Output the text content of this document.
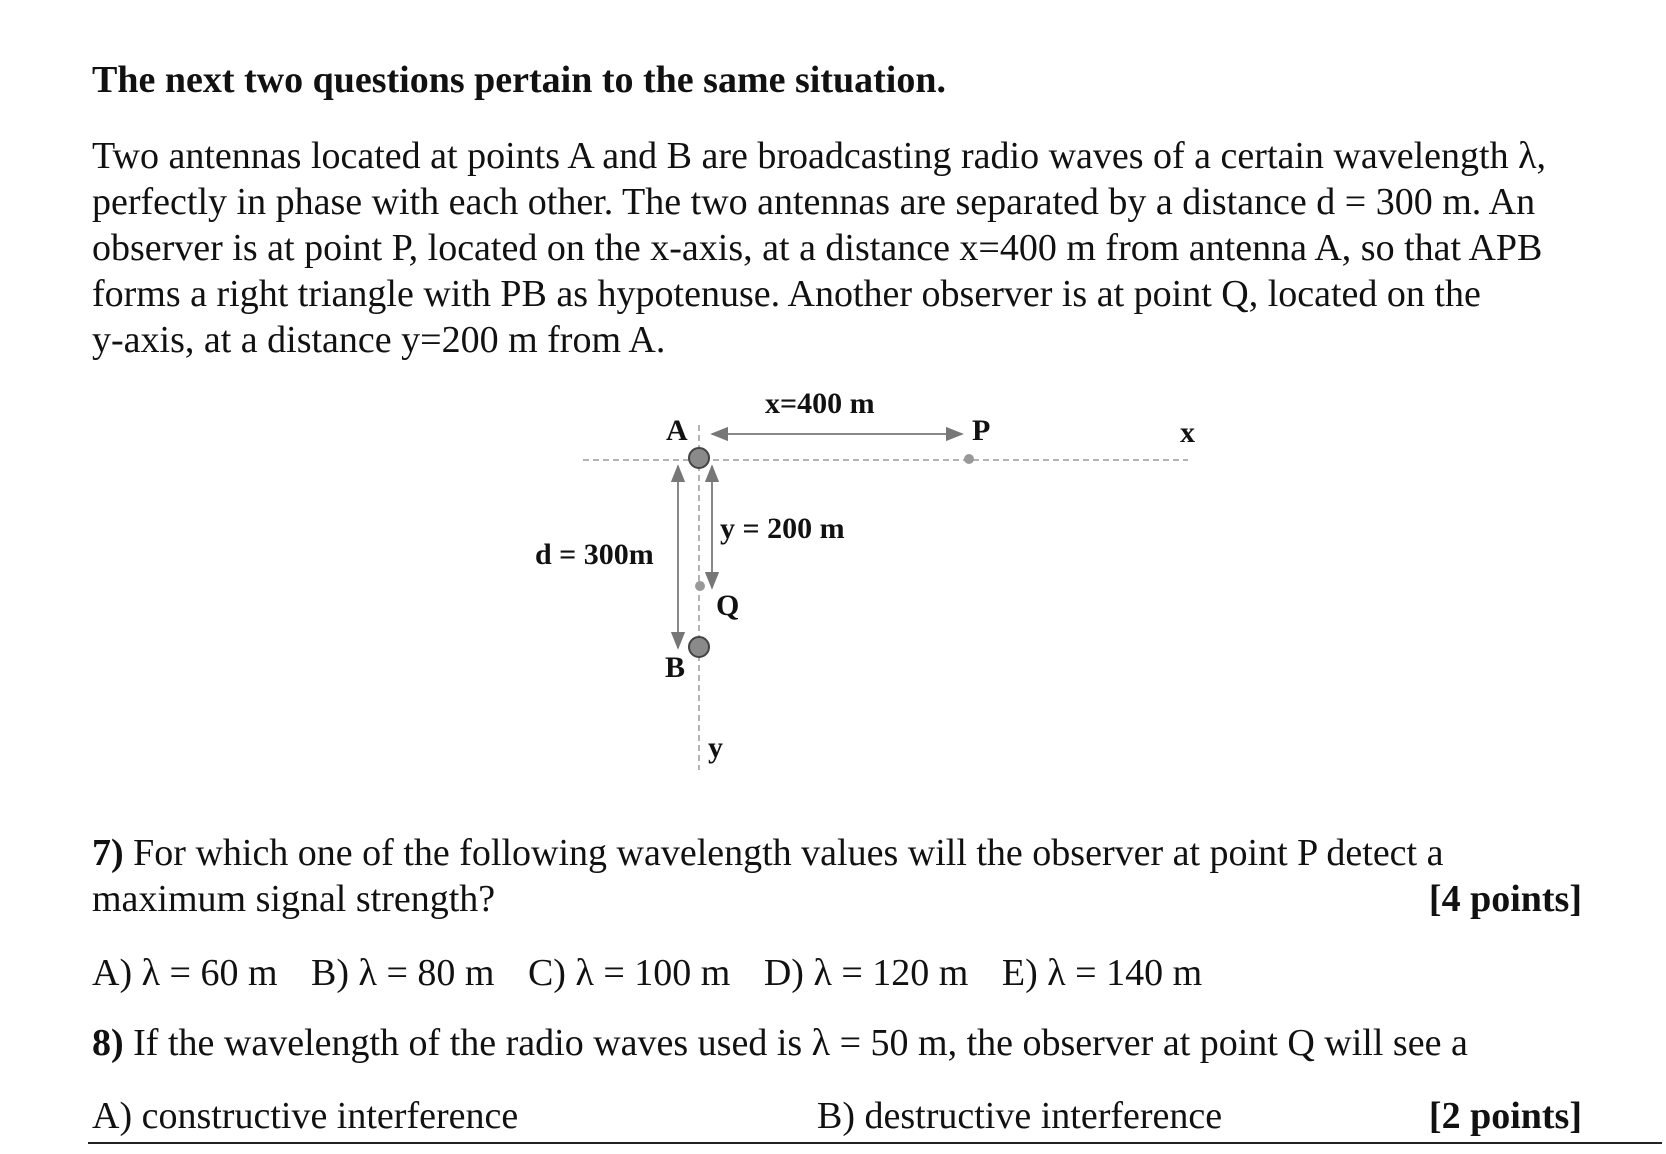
The next two questions pertain to the same situation.
Two antennas located at points A and B are broadcasting radio waves of a certain wavelength λ,
perfectly in phase with each other. The two antennas are separated by a distance d = 300 m. An
observer is at point P, located on the x-axis, at a distance x=400 m from antenna A, so that APB
forms a right triangle with PB as hypotenuse. Another observer is at point Q, located on the
y-axis, at a distance y=200 m from A.
A
B
P
Q
x
y
x=400 m
y = 200 m
d = 300m
7) For which one of the following wavelength values will the observer at point P detect a
maximum signal strength?	[4 points]
A) λ = 60 m B) λ = 80 m C) λ = 100 m D) λ = 120 m E) λ = 140 m
8) If the wavelength of the radio waves used is λ = 50 m, the observer at point Q will see a
A) constructive interference	B) destructive interference	[2 points]
